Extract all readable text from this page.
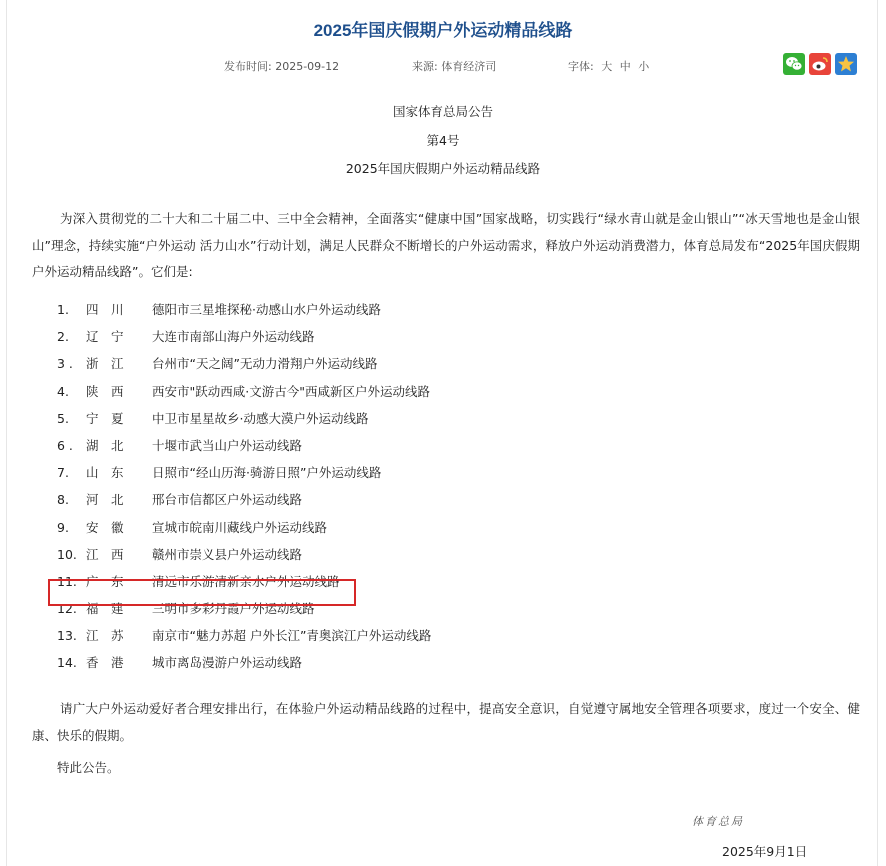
2025年国庆假期户外运动精品线路
发布时间: 2025-09-12	来源: 体育经济司	字体: 大 中 小
国家体育总局公告
第4号
2025年国庆假期户外运动精品线路
为深入贯彻党的二十大和二十届二中、三中全会精神，全面落实“健康中国”国家战略，切实践行“绿水青山就是金山银山”“冰天雪地也是金山银山”理念，持续实施“户外运动 活力山水”行动计划，满足人民群众不断增长的户外运动需求，释放户外运动消费潜力，体育总局发布“2025年国庆假期户外运动精品线路”。它们是:
1.	四　川	德阳市三星堆探秘·动感山水户外运动线路
2.	辽　宁	大连市南部山海户外运动线路
3 .	浙　江	台州市“天之阔”无动力滑翔户外运动线路
4.	陕　西	西安市"跃动西咸·文游古今"西咸新区户外运动线路
5.	宁　夏	中卫市星星故乡·动感大漠户外运动线路
6 .	湖　北	十堰市武当山户外运动线路
7.	山　东	日照市“经山历海·骑游日照”户外运动线路
8.	河　北	邢台市信都区户外运动线路
9.	安　徽	宣城市皖南川藏线户外运动线路
10. 江　西	赣州市崇义县户外运动线路
11. 广　东	清远市乐游清新亲水户外运动线路
12. 福　建	三明市多彩丹霞户外运动线路
13. 江　苏	南京市“魅力苏超 户外长江”青奥滨江户外运动线路
14. 香　港	城市离岛漫游户外运动线路
请广大户外运动爱好者合理安排出行，在体验户外运动精品线路的过程中，提高安全意识，自觉遵守属地安全管理各项要求，度过一个安全、健康、快乐的假期。
特此公告。
体育总局
2025年9月1日
